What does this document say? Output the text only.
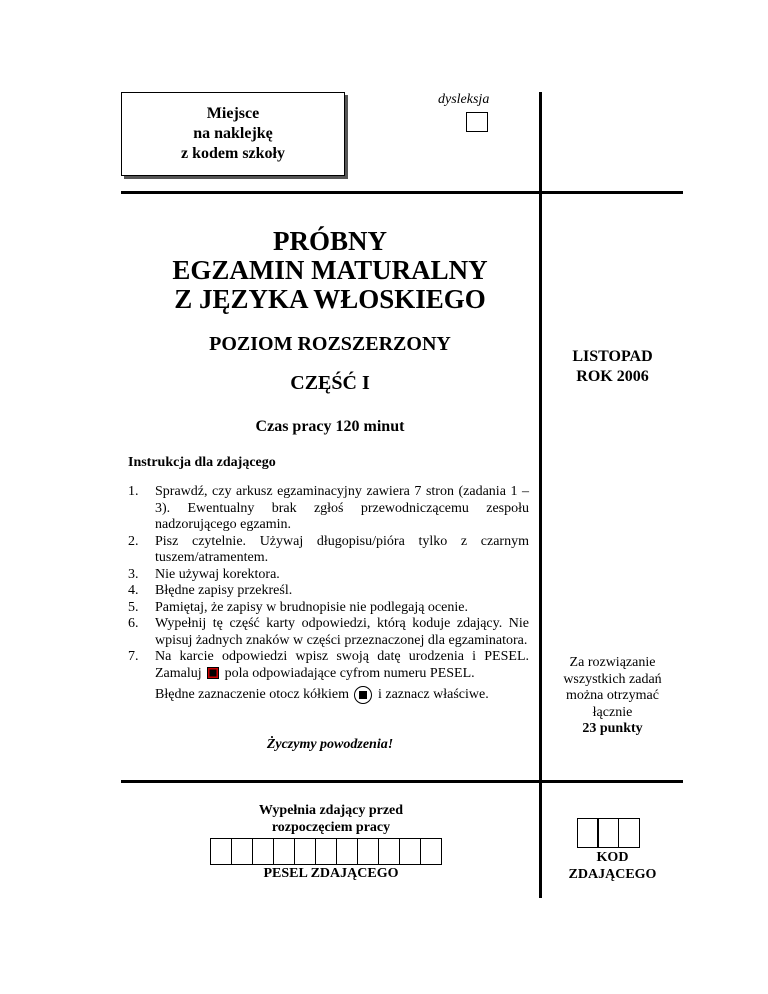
Miejsce
na naklejkę
z kodem szkoły
dysleksja
PRÓBNY
EGZAMIN MATURALNY
Z JĘZYKA WŁOSKIEGO
POZIOM ROZSZERZONY
CZĘŚĆ I
Czas pracy 120 minut
LISTOPAD
ROK 2006
Instrukcja dla zdającego
1.	Sprawdź, czy arkusz egzaminacyjny zawiera 7 stron (zadania 1 – 3). Ewentualny brak zgłoś przewodniczącemu zespołu nadzorującego egzamin.
2.	Pisz czytelnie. Używaj długopisu/pióra tylko z czarnym tuszem/atramentem.
3.	Nie używaj korektora.
4.	Błędne zapisy przekreśl.
5.	Pamiętaj, że zapisy w brudnopisie nie podlegają ocenie.
6.	Wypełnij tę część karty odpowiedzi, którą koduje zdający. Nie wpisuj żadnych znaków w części przeznaczonej dla egzaminatora.
7.	Na karcie odpowiedzi wpisz swoją datę urodzenia i PESEL. Zamaluj pola odpowiadające cyfrom numeru PESEL.
Błędne zaznaczenie otocz kółkiem i zaznacz właściwe.
Życzymy powodzenia!
Za rozwiązanie
wszystkich zadań
można otrzymać
łącznie
23 punkty
Wypełnia zdający przed
rozpoczęciem pracy
PESEL ZDAJĄCEGO
KOD
ZDAJĄCEGO
